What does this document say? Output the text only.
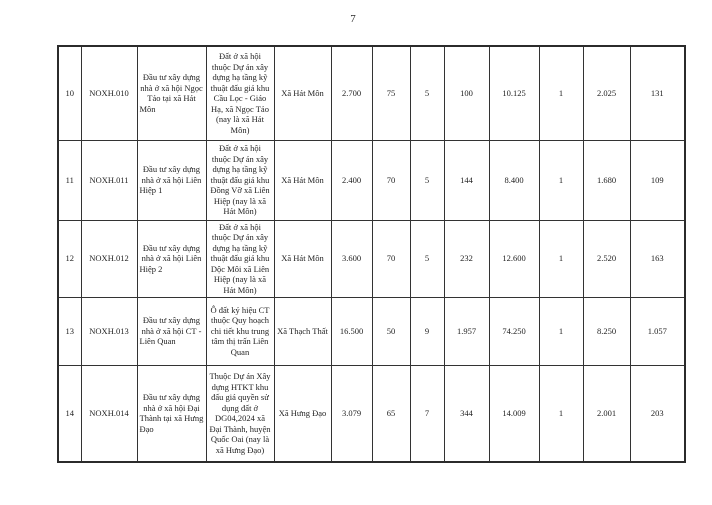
7
10	NOXH.010	Đầu tư xây dựng nhà ở xã hội Ngọc Tảo tại xã Hát Môn	Đất ở xã hội thuộc Dự án xây dựng hạ tầng kỹ thuật đấu giá khu Cầu Lọc - Giáo Hạ, xã Ngọc Tảo (nay là xã Hát Môn)	Xã Hát Môn	2.700	75	5	100	10.125	1	2.025	131
11	NOXH.011	Đầu tư xây dựng nhà ở xã hội Liên Hiệp 1	Đất ở xã hội thuộc Dự án xây dựng hạ tầng kỹ thuật đấu giá khu Đồng Vỡ xã Liên Hiệp (nay là xã Hát Môn)	Xã Hát Môn	2.400	70	5	144	8.400	1	1.680	109
12	NOXH.012	Đầu tư xây dựng nhà ở xã hội Liên Hiệp 2	Đất ở xã hội thuộc Dự án xây dựng hạ tầng kỹ thuật đấu giá khu Dộc Môi xã Liên Hiệp (nay là xã Hát Môn)	Xã Hát Môn	3.600	70	5	232	12.600	1	2.520	163
13	NOXH.013	Đầu tư xây dựng nhà ở xã hội CT - Liên Quan	Ô đất ký hiệu CT thuộc Quy hoạch chi tiết khu trung tâm thị trấn Liên Quan	Xã Thạch Thất	16.500	50	9	1.957	74.250	1	8.250	1.057
14	NOXH.014	Đầu tư xây dựng nhà ở xã hội Đại Thành tại xã Hưng Đạo	Thuộc Dự án Xây dựng HTKT khu đấu giá quyền sử dụng đất ở DG04,2024 xã Đại Thành, huyện Quốc Oai (nay là xã Hưng Đạo)	Xã Hưng Đạo	3.079	65	7	344	14.009	1	2.001	203
